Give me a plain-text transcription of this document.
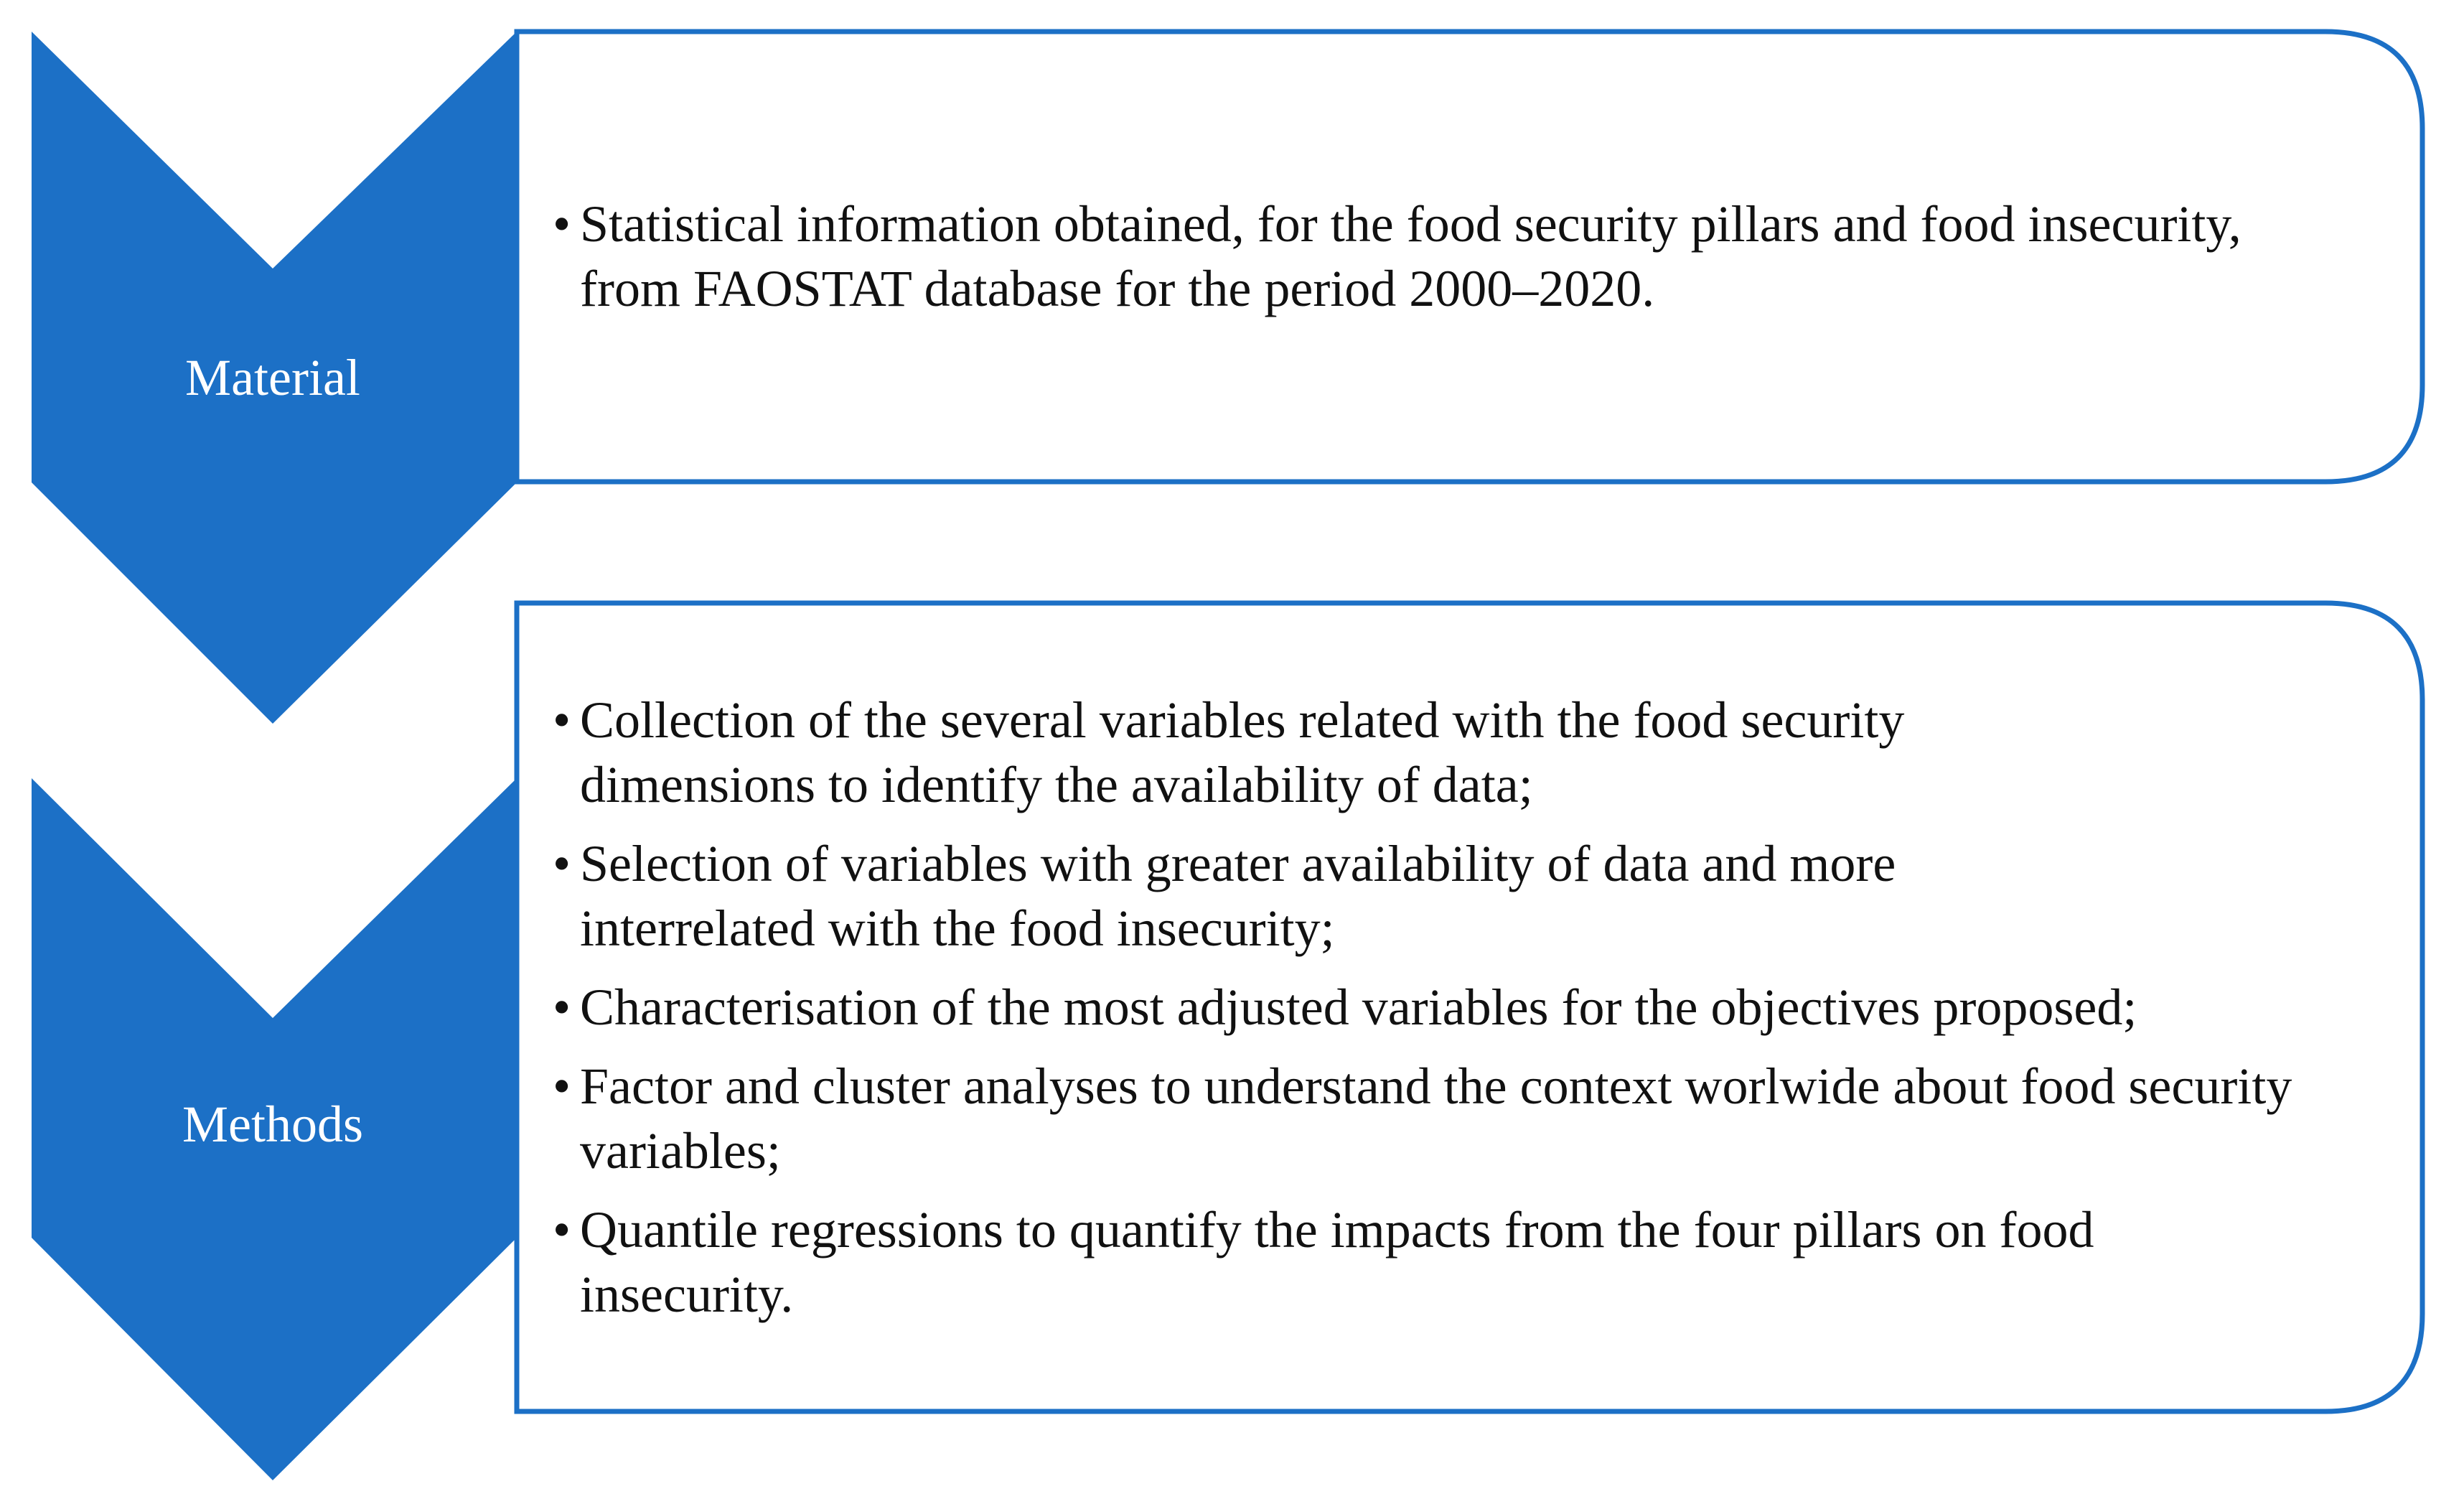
Material
Methods

• Statistical information obtained, for the food security pillars and food insecurity, from FAOSTAT database for the period 2000–2020.

• Collection of the several variables related with the food security dimensions to identify the availability of data;

• Selection of variables with greater availability of data and more interrelated with the food insecurity;

• Characterisation of the most adjusted variables for the objectives proposed;

• Factor and cluster analyses to understand the context worlwide about food security variables;

• Quantile regressions to quantify the impacts from the four pillars on food insecurity.
